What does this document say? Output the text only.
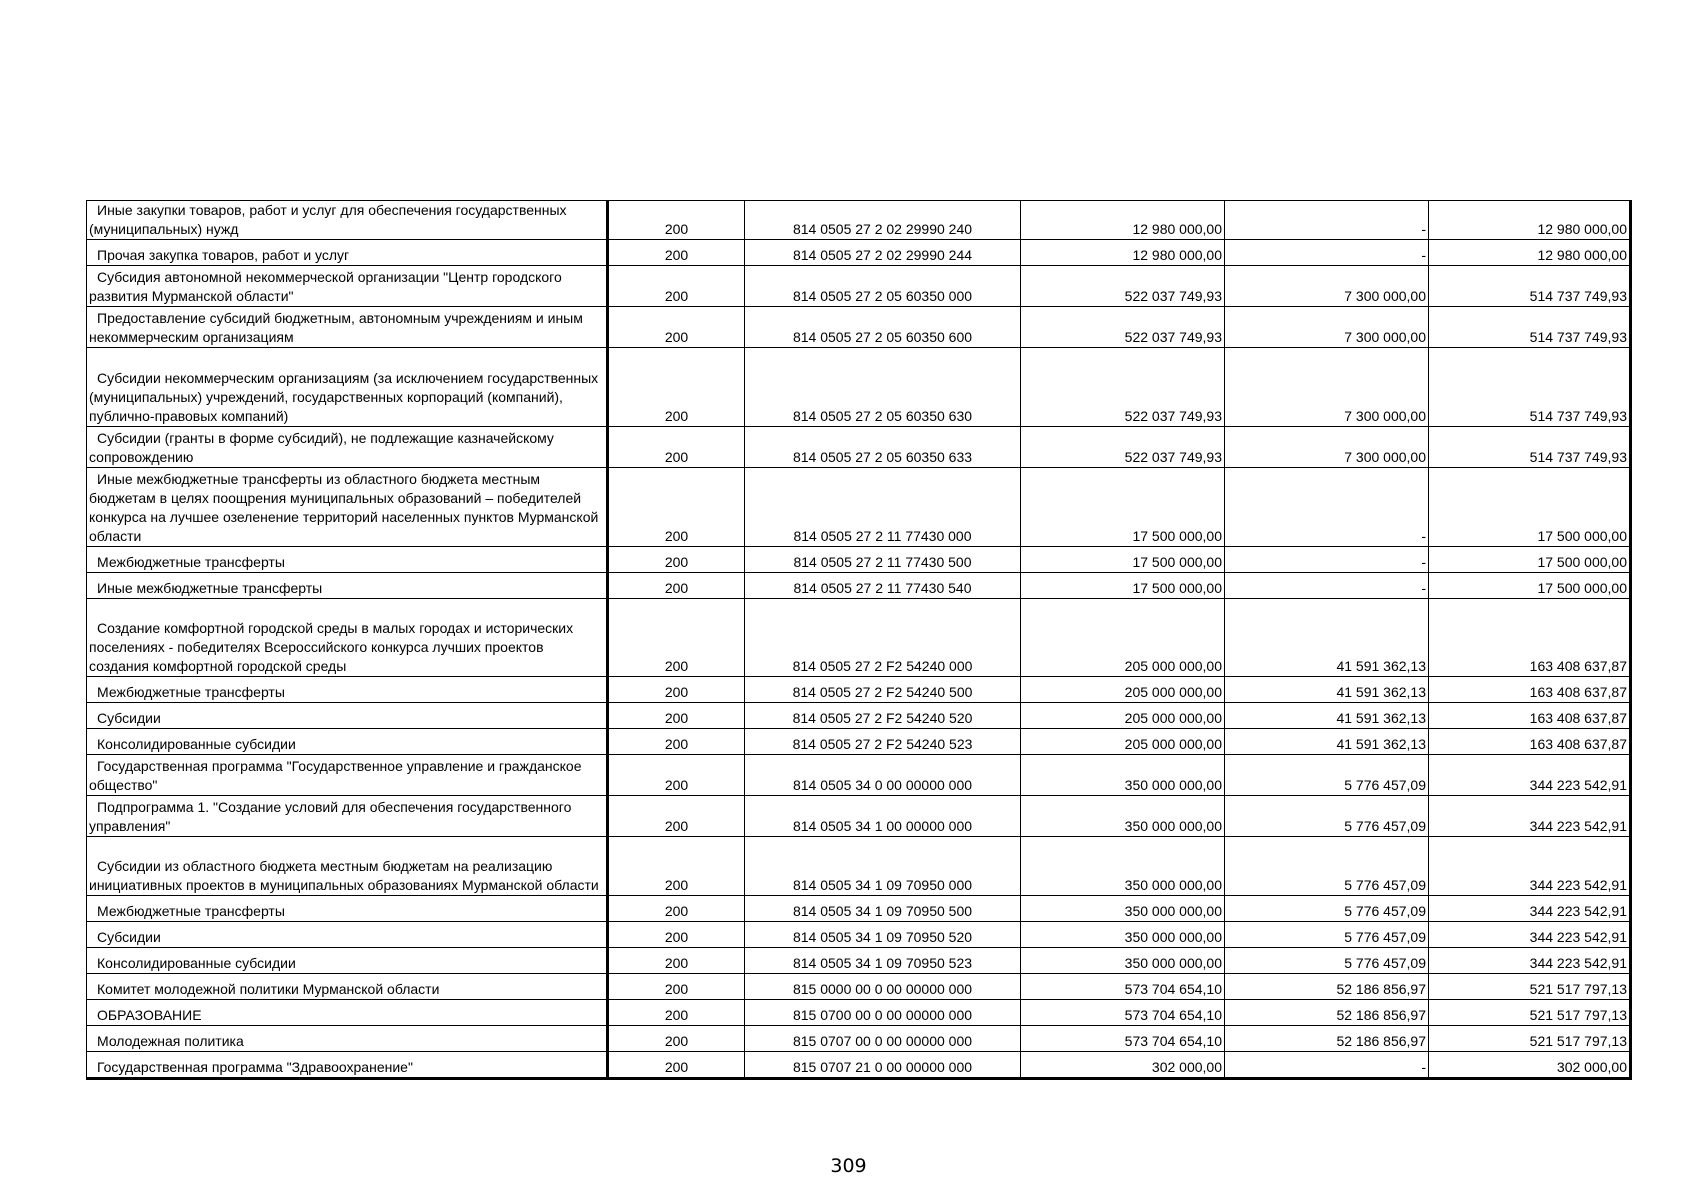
Иные закупки товаров, работ и услуг для обеспечения государственных (муниципальных) нужд	200	814 0505 27 2 02 29990 240	12 980 000,00	-	12 980 000,00

Прочая закупка товаров, работ и услуг	200	814 0505 27 2 02 29990 244	12 980 000,00	-	12 980 000,00

Субсидия автономной некоммерческой организации "Центр городского развития Мурманской области"	200	814 0505 27 2 05 60350 000	522 037 749,93	7 300 000,00	514 737 749,93

Предоставление субсидий бюджетным, автономным учреждениям и иным некоммерческим организациям	200	814 0505 27 2 05 60350 600	522 037 749,93	7 300 000,00	514 737 749,93

Субсидии некоммерческим организациям (за исключением государственных (муниципальных) учреждений, государственных корпораций (компаний), публично-правовых компаний)	200	814 0505 27 2 05 60350 630	522 037 749,93	7 300 000,00	514 737 749,93

Субсидии (гранты в форме субсидий), не подлежащие казначейскому сопровождению	200	814 0505 27 2 05 60350 633	522 037 749,93	7 300 000,00	514 737 749,93

Иные межбюджетные трансферты из областного бюджета местным бюджетам в целях поощрения муниципальных образований – победителей конкурса на лучшее озеленение территорий населенных пунктов Мурманской области	200	814 0505 27 2 11 77430 000	17 500 000,00	-	17 500 000,00

Межбюджетные трансферты	200	814 0505 27 2 11 77430 500	17 500 000,00	-	17 500 000,00

Иные межбюджетные трансферты	200	814 0505 27 2 11 77430 540	17 500 000,00	-	17 500 000,00

Создание комфортной городской среды в малых городах и исторических поселениях - победителях Всероссийского конкурса лучших проектов создания комфортной городской среды	200	814 0505 27 2 F2 54240 000	205 000 000,00	41 591 362,13	163 408 637,87

Межбюджетные трансферты	200	814 0505 27 2 F2 54240 500	205 000 000,00	41 591 362,13	163 408 637,87

Субсидии	200	814 0505 27 2 F2 54240 520	205 000 000,00	41 591 362,13	163 408 637,87

Консолидированные субсидии	200	814 0505 27 2 F2 54240 523	205 000 000,00	41 591 362,13	163 408 637,87

Государственная программа "Государственное управление и гражданское общество"	200	814 0505 34 0 00 00000 000	350 000 000,00	5 776 457,09	344 223 542,91

Подпрограмма 1. "Создание условий для обеспечения государственного управления"	200	814 0505 34 1 00 00000 000	350 000 000,00	5 776 457,09	344 223 542,91

Субсидии из областного бюджета местным бюджетам на реализацию инициативных проектов в муниципальных образованиях Мурманской области	200	814 0505 34 1 09 70950 000	350 000 000,00	5 776 457,09	344 223 542,91

Межбюджетные трансферты	200	814 0505 34 1 09 70950 500	350 000 000,00	5 776 457,09	344 223 542,91

Субсидии	200	814 0505 34 1 09 70950 520	350 000 000,00	5 776 457,09	344 223 542,91

Консолидированные субсидии	200	814 0505 34 1 09 70950 523	350 000 000,00	5 776 457,09	344 223 542,91

Комитет молодежной политики Мурманской области	200	815 0000 00 0 00 00000 000	573 704 654,10	52 186 856,97	521 517 797,13

ОБРАЗОВАНИЕ	200	815 0700 00 0 00 00000 000	573 704 654,10	52 186 856,97	521 517 797,13

Молодежная политика	200	815 0707 00 0 00 00000 000	573 704 654,10	52 186 856,97	521 517 797,13

Государственная программа "Здравоохранение"	200	815 0707 21 0 00 00000 000	302 000,00	-	302 000,00
309
